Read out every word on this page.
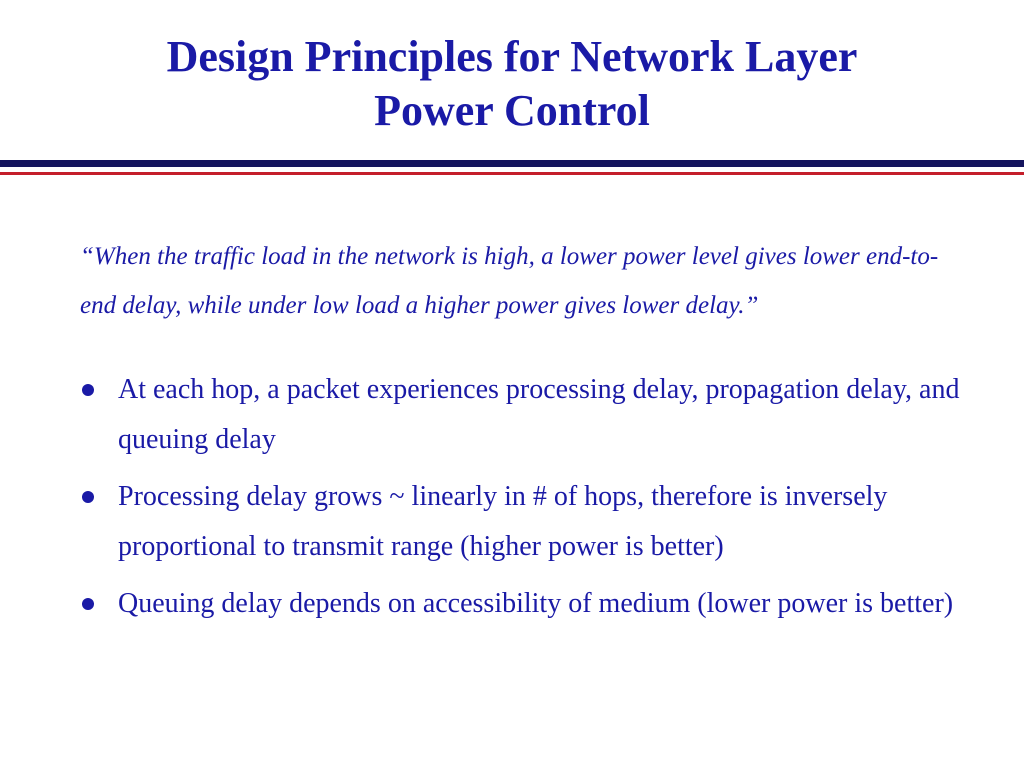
Design Principles for Network Layer
Power Control

“When the traffic load in the network is high, a lower power level gives lower end-to-end delay, while under low load a higher power gives lower delay.”

At each hop, a packet experiences processing delay, propagation delay, and queuing delay
Processing delay grows ~ linearly in # of hops, therefore is inversely proportional to transmit range (higher power is better)
Queuing delay depends on accessibility of medium (lower power is better)
